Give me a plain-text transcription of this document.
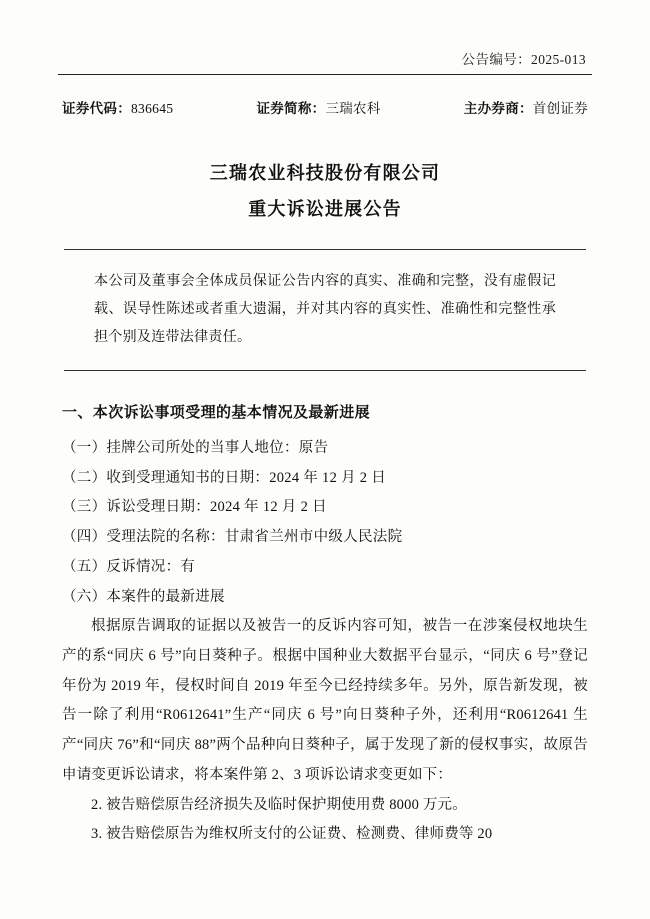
公告编号：2025-013
证券代码：836645	证券简称：三瑞农科	主办券商：首创证券
三瑞农业科技股份有限公司
重大诉讼进展公告
本公司及董事会全体成员保证公告内容的真实、准确和完整，没有虚假记载、误导性陈述或者重大遗漏，并对其内容的真实性、准确性和完整性承担个别及连带法律责任。
一、本次诉讼事项受理的基本情况及最新进展
（一）挂牌公司所处的当事人地位：原告
（二）收到受理通知书的日期：2024 年 12 月 2 日
（三）诉讼受理日期：2024 年 12 月 2 日
（四）受理法院的名称：甘肃省兰州市中级人民法院
（五）反诉情况：有
（六）本案件的最新进展
根据原告调取的证据以及被告一的反诉内容可知，被告一在涉案侵权地块生产的系“同庆 6 号”向日葵种子。根据中国种业大数据平台显示，“同庆 6 号”登记年份为 2019 年，侵权时间自 2019 年至今已经持续多年。另外，原告新发现，被告一除了利用“R0612641”生产“同庆 6 号”向日葵种子外，还利用“R0612641 生产“同庆 76”和“同庆 88”两个品种向日葵种子，属于发现了新的侵权事实，故原告申请变更诉讼请求，将本案件第 2、3 项诉讼请求变更如下：
2. 被告赔偿原告经济损失及临时保护期使用费 8000 万元。
3. 被告赔偿原告为维权所支付的公证费、检测费、律师费等 20
